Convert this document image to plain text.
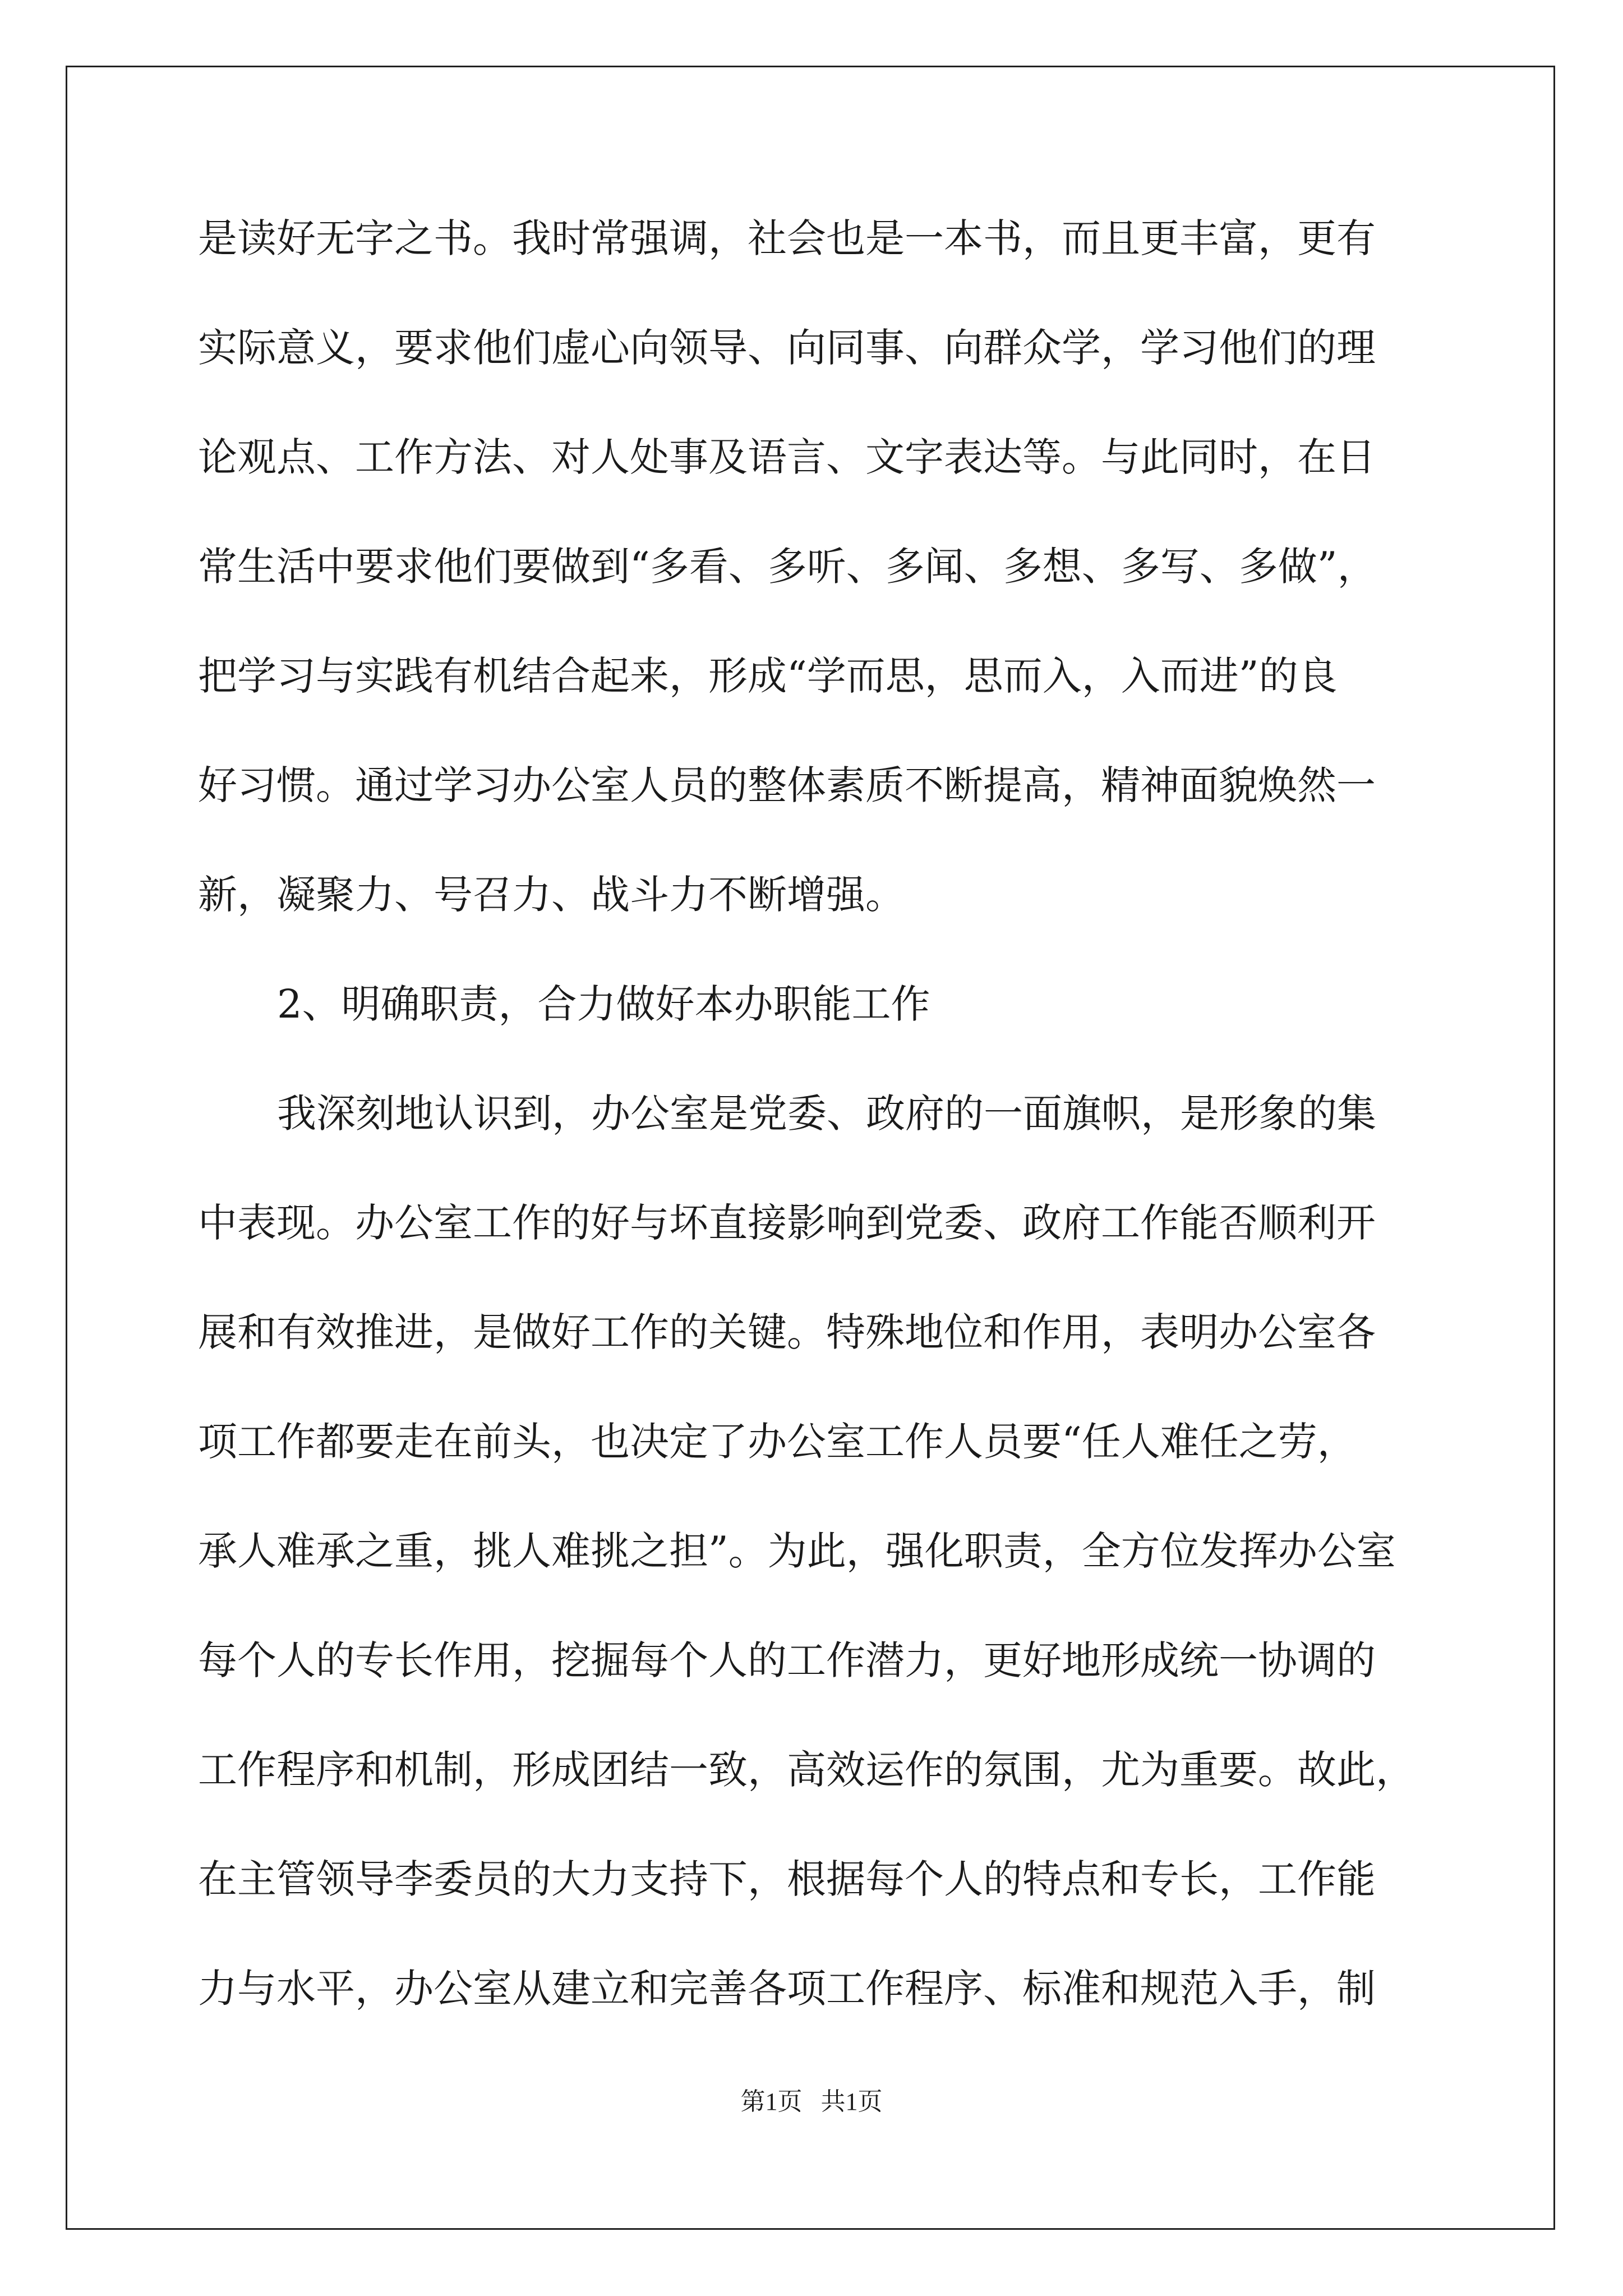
是读好无字之书。我时常强调，社会也是一本书，而且更丰富，更有

实际意义，要求他们虚心向领导、向同事、向群众学，学习他们的理

论观点、工作方法、对人处事及语言、文字表达等。与此同时，在日

常生活中要求他们要做到“多看、多听、多闻、多想、多写、多做”，

把学习与实践有机结合起来，形成“学而思，思而入，入而进”的良

好习惯。通过学习办公室人员的整体素质不断提高，精神面貌焕然一

新，凝聚力、号召力、战斗力不断增强。

2、明确职责，合力做好本办职能工作

我深刻地认识到，办公室是党委、政府的一面旗帜，是形象的集

中表现。办公室工作的好与坏直接影响到党委、政府工作能否顺利开

展和有效推进，是做好工作的关键。特殊地位和作用，表明办公室各

项工作都要走在前头，也决定了办公室工作人员要“任人难任之劳，

承人难承之重，挑人难挑之担”。为此，强化职责，全方位发挥办公室

每个人的专长作用，挖掘每个人的工作潜力，更好地形成统一协调的

工作程序和机制，形成团结一致，高效运作的氛围，尤为重要。故此，

在主管领导李委员的大力支持下，根据每个人的特点和专长，工作能

力与水平，办公室从建立和完善各项工作程序、标准和规范入手，制

第1页   共1页
